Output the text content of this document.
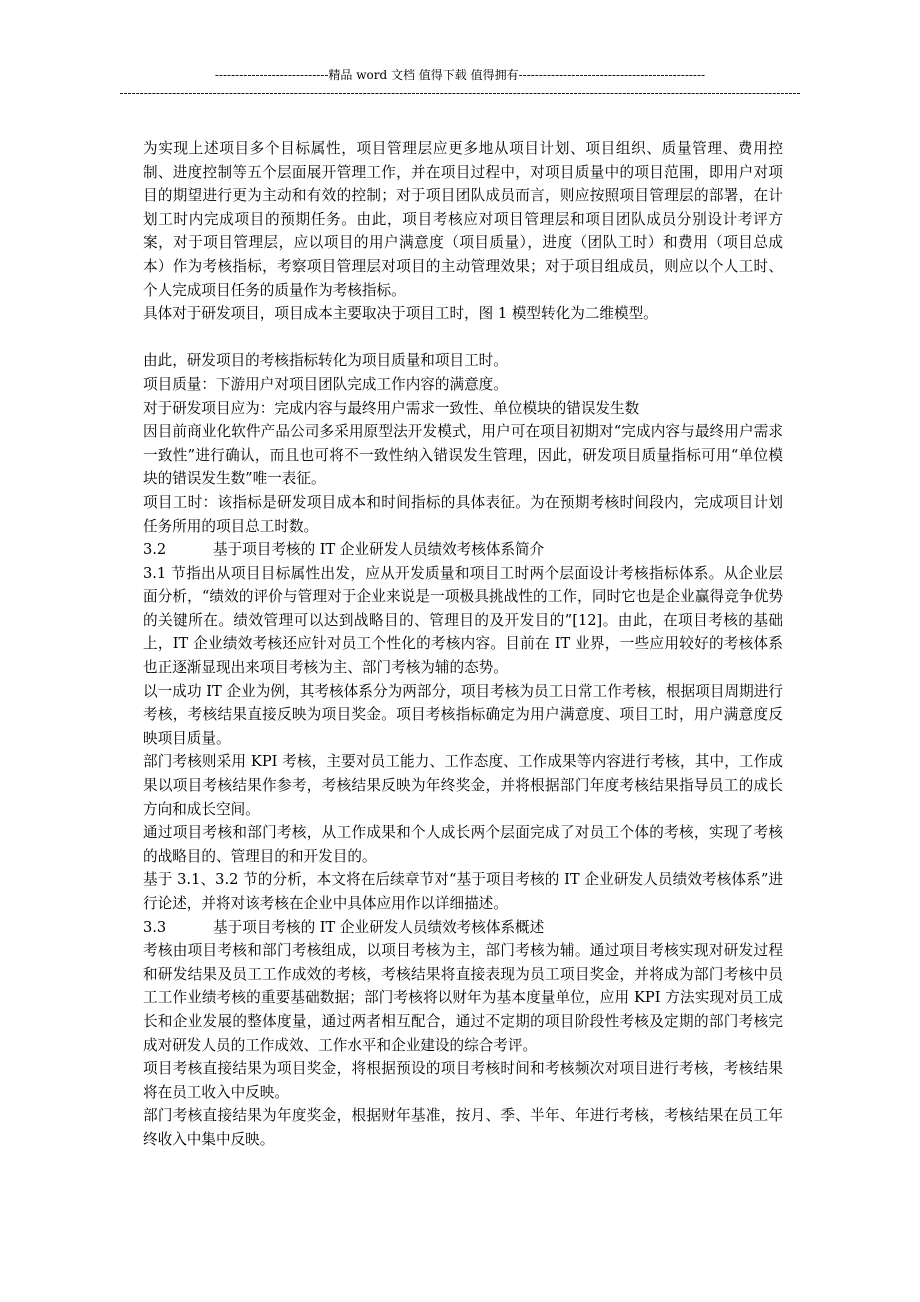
----------------------------精品 word 文档 值得下载 值得拥有----------------------------------------------
------------------------------------------------------------------------------------------------------------------------------------------------------------------------

为实现上述项目多个目标属性，项目管理层应更多地从项目计划、项目组织、质量管理、费用控制、进度控制等五个层面展开管理工作，并在项目过程中，对项目质量中的项目范围，即用户对项目的期望进行更为主动和有效的控制；对于项目团队成员而言，则应按照项目管理层的部署，在计划工时内完成项目的预期任务。由此，项目考核应对项目管理层和项目团队成员分别设计考评方案，对于项目管理层，应以项目的用户满意度（项目质量），进度（团队工时）和费用（项目总成本）作为考核指标，考察项目管理层对项目的主动管理效果；对于项目组成员，则应以个人工时、个人完成项目任务的质量作为考核指标。

具体对于研发项目，项目成本主要取决于项目工时，图 1 模型转化为二维模型。

由此，研发项目的考核指标转化为项目质量和项目工时。

项目质量：下游用户对项目团队完成工作内容的满意度。

对于研发项目应为：完成内容与最终用户需求一致性、单位模块的错误发生数

因目前商业化软件产品公司多采用原型法开发模式，用户可在项目初期对“完成内容与最终用户需求一致性”进行确认，而且也可将不一致性纳入错误发生管理，因此，研发项目质量指标可用“单位模块的错误发生数”唯一表征。

项目工时：该指标是研发项目成本和时间指标的具体表征。为在预期考核时间段内，完成项目计划任务所用的项目总工时数。

3.2	基于项目考核的 IT 企业研发人员绩效考核体系简介

3.1 节指出从项目目标属性出发，应从开发质量和项目工时两个层面设计考核指标体系。从企业层面分析，“绩效的评价与管理对于企业来说是一项极具挑战性的工作，同时它也是企业赢得竞争优势的关键所在。绩效管理可以达到战略目的、管理目的及开发目的”[12]。由此，在项目考核的基础上，IT 企业绩效考核还应针对员工个性化的考核内容。目前在 IT 业界，一些应用较好的考核体系也正逐渐显现出来项目考核为主、部门考核为辅的态势。

以一成功 IT 企业为例，其考核体系分为两部分，项目考核为员工日常工作考核，根据项目周期进行考核，考核结果直接反映为项目奖金。项目考核指标确定为用户满意度、项目工时，用户满意度反映项目质量。

部门考核则采用 KPI 考核，主要对员工能力、工作态度、工作成果等内容进行考核，其中，工作成果以项目考核结果作参考，考核结果反映为年终奖金，并将根据部门年度考核结果指导员工的成长方向和成长空间。

通过项目考核和部门考核，从工作成果和个人成长两个层面完成了对员工个体的考核，实现了考核的战略目的、管理目的和开发目的。

基于 3.1、3.2 节的分析，本文将在后续章节对“基于项目考核的 IT 企业研发人员绩效考核体系”进行论述，并将对该考核在企业中具体应用作以详细描述。

3.3	基于项目考核的 IT 企业研发人员绩效考核体系概述

考核由项目考核和部门考核组成，以项目考核为主，部门考核为辅。通过项目考核实现对研发过程和研发结果及员工工作成效的考核，考核结果将直接表现为员工项目奖金，并将成为部门考核中员工工作业绩考核的重要基础数据；部门考核将以财年为基本度量单位，应用 KPI 方法实现对员工成长和企业发展的整体度量，通过两者相互配合，通过不定期的项目阶段性考核及定期的部门考核完成对研发人员的工作成效、工作水平和企业建设的综合考评。

项目考核直接结果为项目奖金，将根据预设的项目考核时间和考核频次对项目进行考核，考核结果将在员工收入中反映。

部门考核直接结果为年度奖金，根据财年基准，按月、季、半年、年进行考核，考核结果在员工年终收入中集中反映。
